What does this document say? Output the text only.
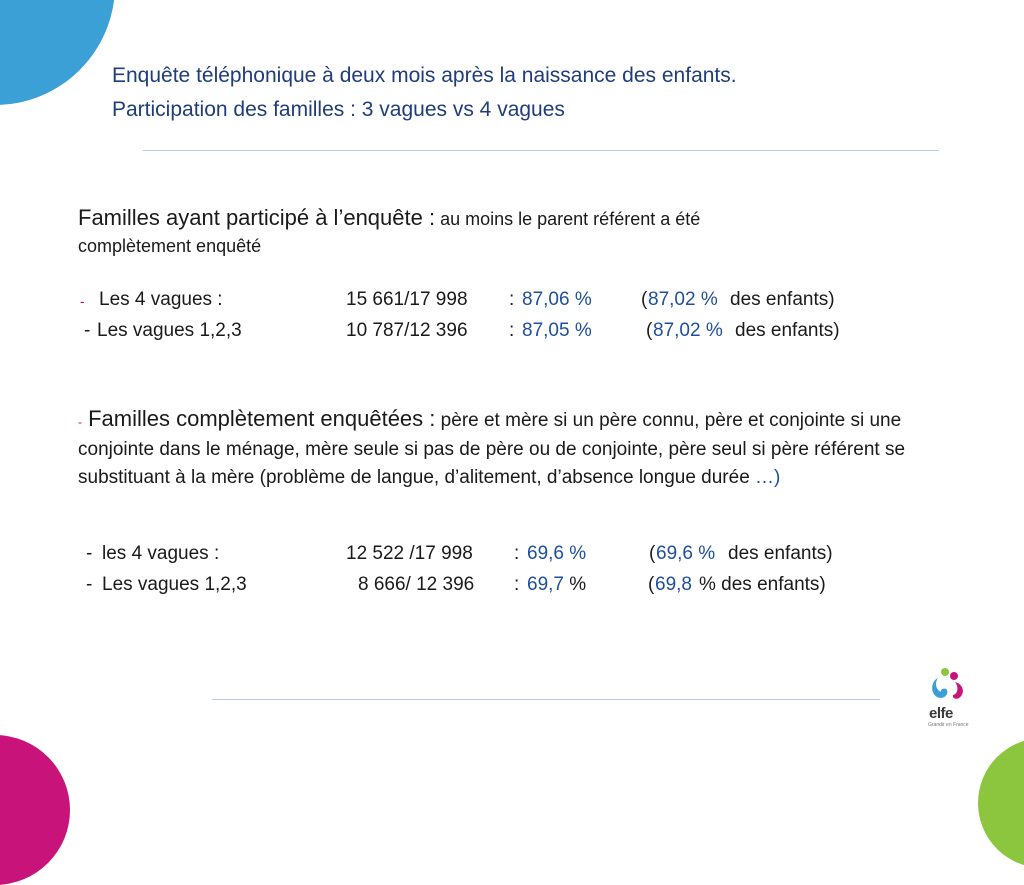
Enquête téléphonique à deux mois après la naissance des enfants.
Participation des familles : 3 vagues vs 4 vagues
Familles ayant participé à l’enquête : au moins le parent référent a été
complètement enquêté
- Les 4 vagues :	15 661/17 998 : 87,06 %	( 87,02 % des enfants)
- Les vagues 1,2,3	10 787/12 396 : 87,05 %	( 87,02 % des enfants)
- Familles complètement enquêtées : père et mère si un père connu, père et conjointe si une conjointe dans le ménage, mère seule si pas de père ou de conjointe, père seul si père référent se substituant à la mère (problème de langue, d’alitement, d’absence longue durée …)
- les 4 vagues :	12 522 /17 998 : 69,6 %	( 69,6 % des enfants)
- Les vagues 1,2,3	8 666/ 12 396 : 69,7 %	( 69,8 % des enfants)
elfe
Grandir en France
